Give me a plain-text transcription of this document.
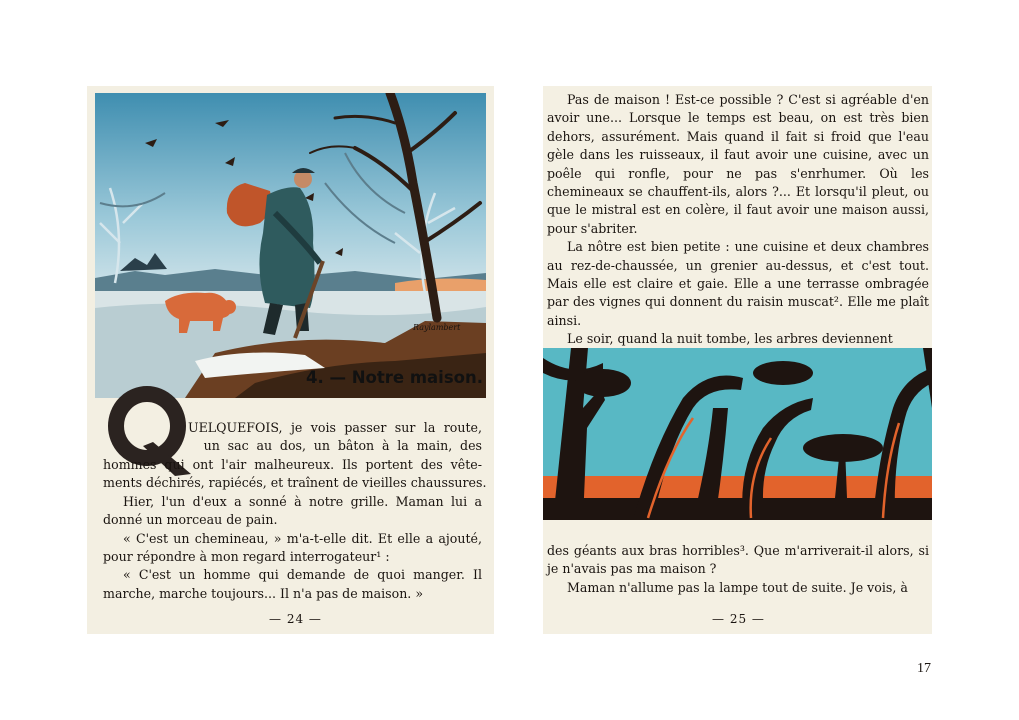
Raylambert
4. — Notre maison.
Q
UELQUEFOIS, je vois passer sur la route,
un sac au dos, un bâton à la main, des
hommes qui ont l'air malheureux. Ils portent des vête-
ments déchirés, rapiécés, et traînent de vieilles chaussures.

Hier, l'un d'eux a sonné à notre grille. Maman lui a donné un morceau de pain.

« C'est un chemineau, » m'a-t-elle dit. Et elle a ajouté, pour répondre à mon regard interrogateur¹ :

« C'est un homme qui demande de quoi manger. Il marche, marche toujours... Il n'a pas de maison. »

— 24 —

Pas de maison ! Est-ce possible ? C'est si agréable d'en avoir une... Lorsque le temps est beau, on est très bien dehors, assurément. Mais quand il fait si froid que l'eau gèle dans les ruisseaux, il faut avoir une cuisine, avec un poêle qui ronfle, pour ne pas s'enrhumer. Où les chemineaux se chauffent-ils, alors ?... Et lorsqu'il pleut, ou que le mistral est en colère, il faut avoir une maison aussi, pour s'abriter.

La nôtre est bien petite : une cuisine et deux chambres au rez-de-chaussée, un grenier au-dessus, et c'est tout. Mais elle est claire et gaie. Elle a une terrasse ombragée par des vignes qui donnent du raisin muscat². Elle me plaît ainsi.

Le soir, quand la nuit tombe, les arbres deviennent

des géants aux bras horribles³. Que m'arriverait-il alors, si je n'avais pas ma maison ?

Maman n'allume pas la lampe tout de suite. Je vois, à

— 25 —
17
